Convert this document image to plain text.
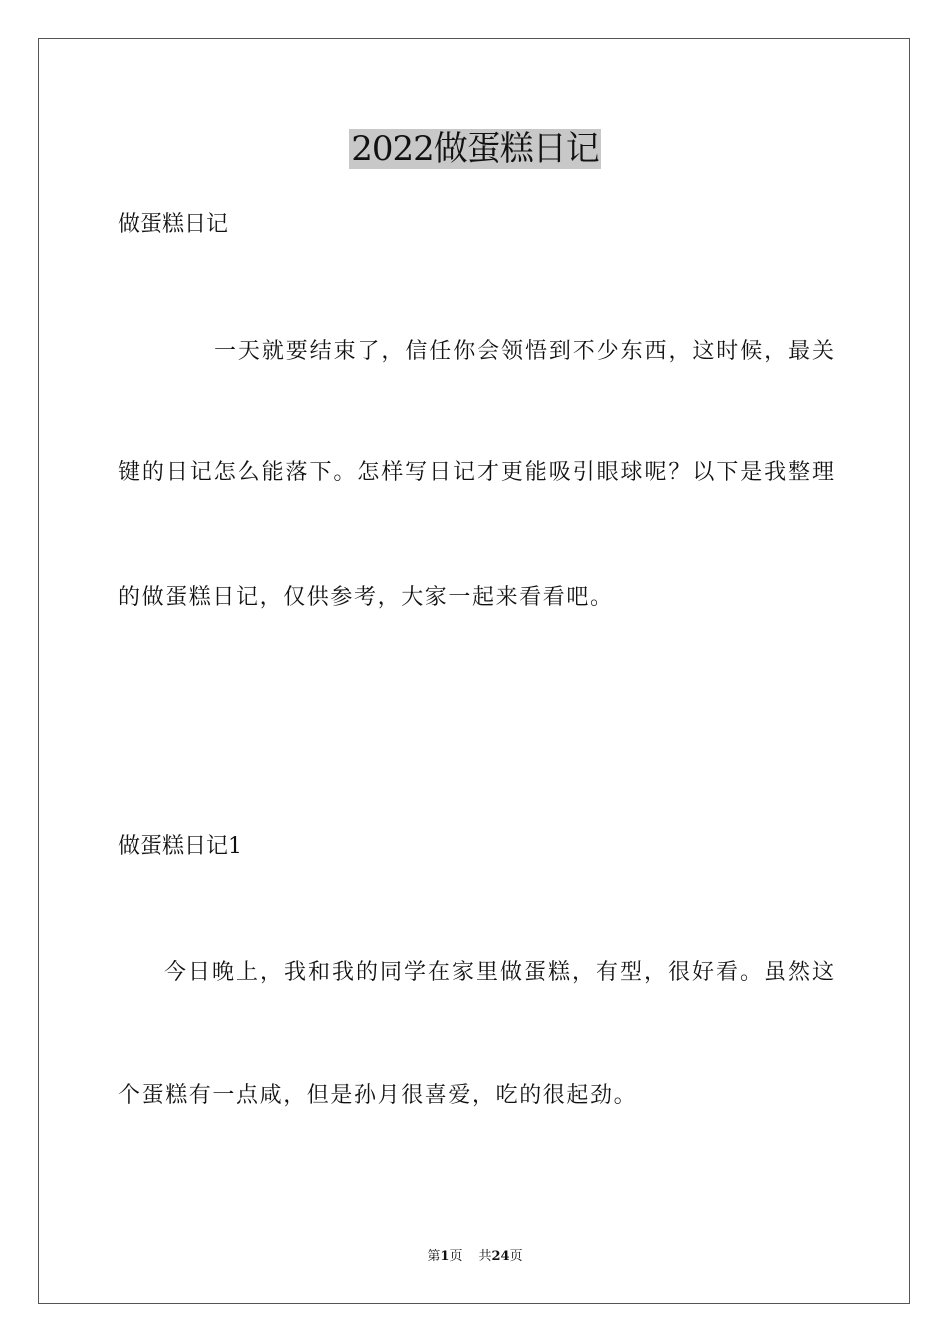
2022做蛋糕日记
做蛋糕日记
一天就要结束了，信任你会领悟到不少东西，这时候，最关
键的日记怎么能落下。怎样写日记才更能吸引眼球呢？以下是我整理
的做蛋糕日记，仅供参考，大家一起来看看吧。
做蛋糕日记1
今日晚上，我和我的同学在家里做蛋糕，有型，很好看。虽然这
个蛋糕有一点咸，但是孙月很喜爱，吃的很起劲。
第1页 共24页
